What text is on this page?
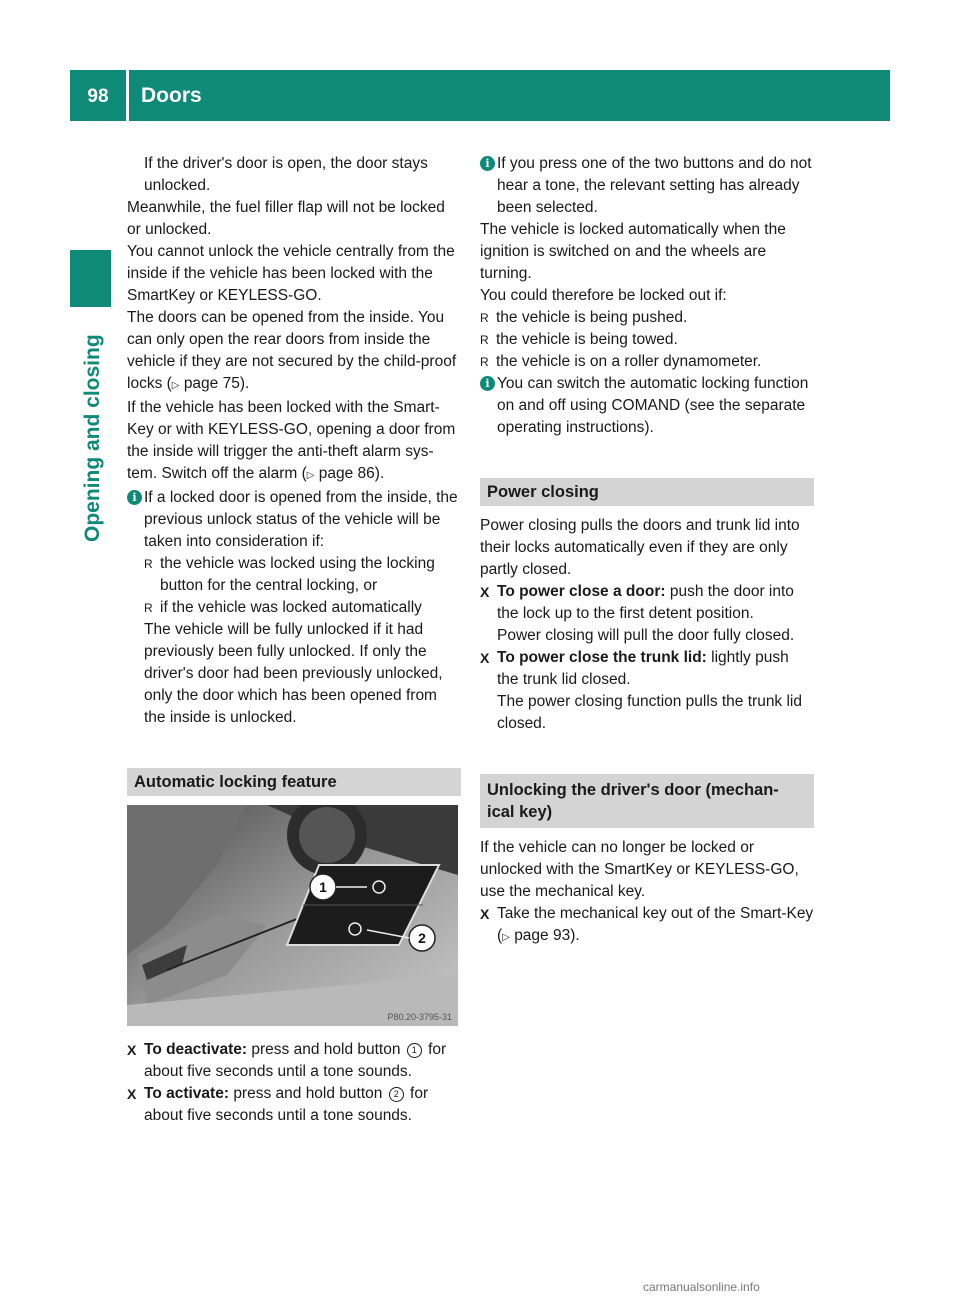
98	Doors
Opening and closing

If the driver's door is open, the door stays unlocked.

Meanwhile, the fuel filler flap will not be locked or unlocked.

You cannot unlock the vehicle centrally from the inside if the vehicle has been locked with the SmartKey or KEYLESS-GO.

The doors can be opened from the inside. You can only open the rear doors from inside the vehicle if they are not secured by the child-proof locks (▷ page 75).

If the vehicle has been locked with the Smart-Key or with KEYLESS-GO, opening a door from the inside will trigger the anti-theft alarm sys-tem. Switch off the alarm (▷ page 86).

i If a locked door is opened from the inside, the previous unlock status of the vehicle will be taken into consideration if:
R the vehicle was locked using the locking button for the central locking, or
R if the vehicle was locked automatically

The vehicle will be fully unlocked if it had previously been fully unlocked. If only the driver's door had been previously unlocked, only the door which has been opened from the inside is unlocked.

Automatic locking feature
1
2
P80.20-3795-31
X To deactivate: press and hold button 1 for about five seconds until a tone sounds.
X To activate: press and hold button 2 for about five seconds until a tone sounds.
i If you press one of the two buttons and do not hear a tone, the relevant setting has already been selected.

The vehicle is locked automatically when the ignition is switched on and the wheels are turning.

You could therefore be locked out if:

R the vehicle is being pushed.
R the vehicle is being towed.
R the vehicle is on a roller dynamometer.
i You can switch the automatic locking function on and off using COMAND (see the separate operating instructions).
Power closing

Power closing pulls the doors and trunk lid into their locks automatically even if they are only partly closed.

X To power close a door: push the door into the lock up to the first detent position.
Power closing will pull the door fully closed.
X To power close the trunk lid: lightly push the trunk lid closed.
The power closing function pulls the trunk lid closed.
Unlocking the driver's door (mechan-ical key)

If the vehicle can no longer be locked or unlocked with the SmartKey or KEYLESS-GO, use the mechanical key.

X Take the mechanical key out of the Smart-Key (▷ page 93).
carmanualsonline.info
